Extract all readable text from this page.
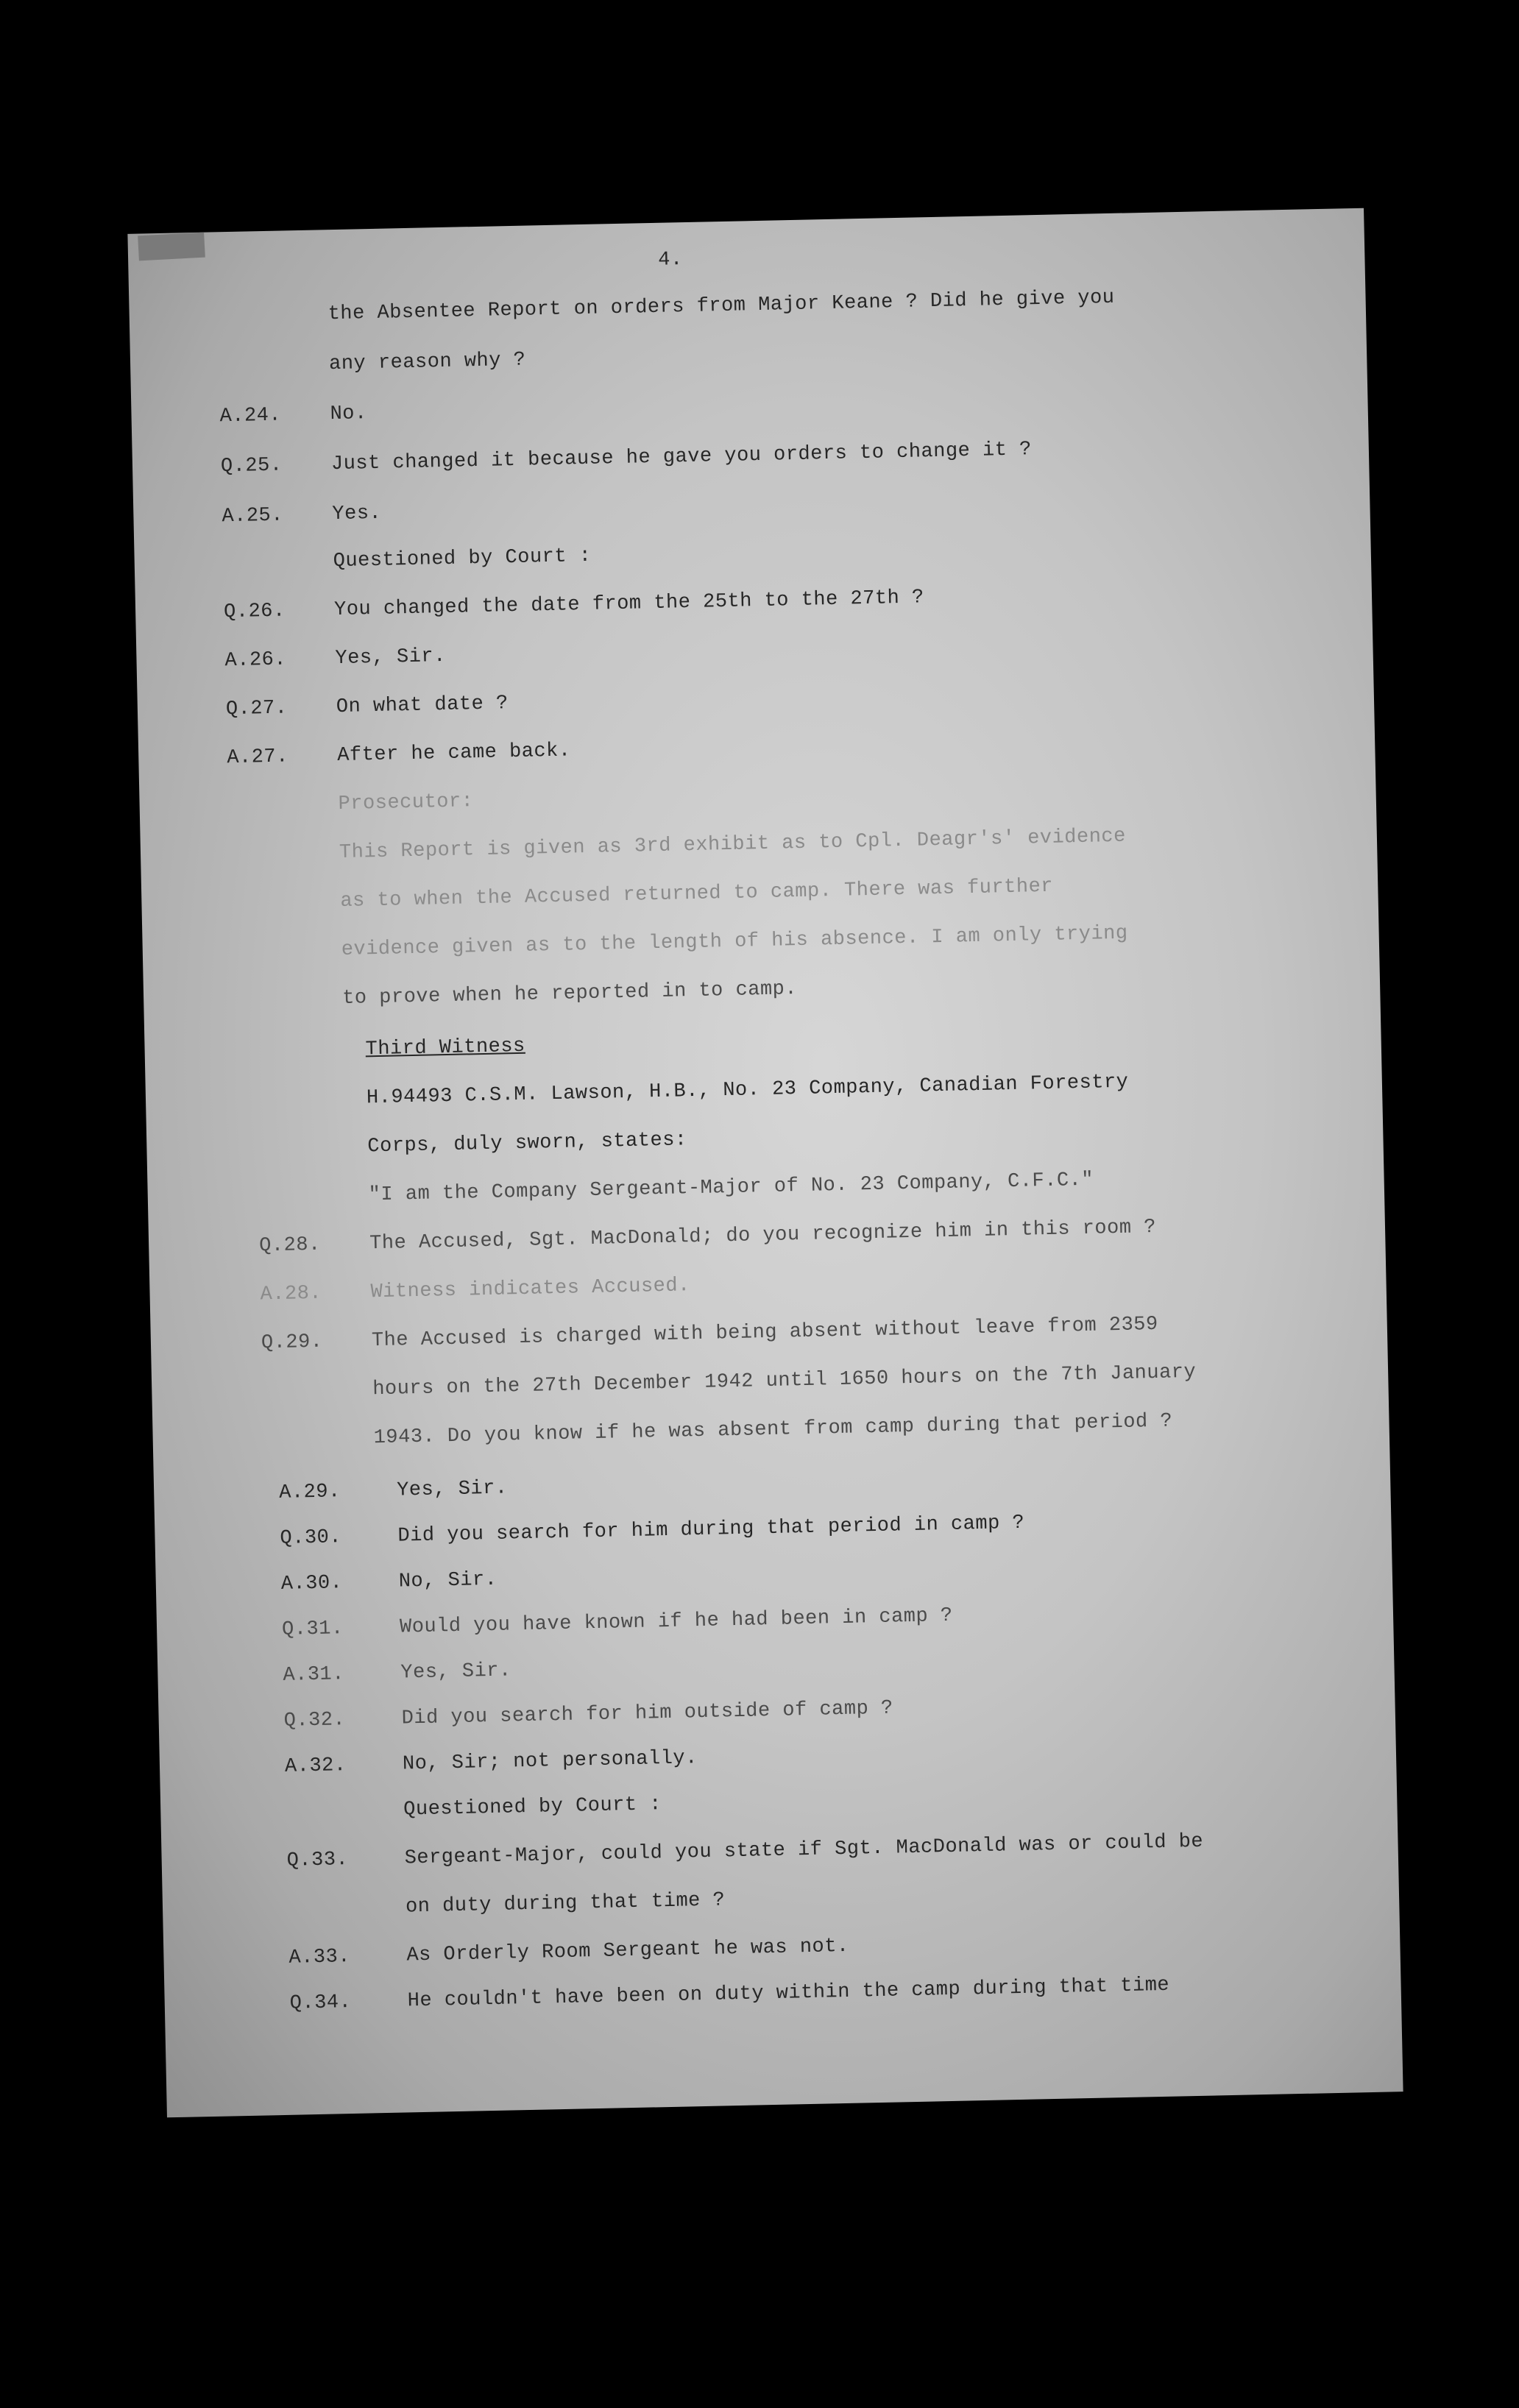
4.
the Absentee Report on orders from Major Keane ? Did he give you
any reason why ?
A.24.	No.
Q.25.	Just changed it because he gave you orders to change it ?
A.25.	Yes.
Questioned by Court :
Q.26.	You changed the date from the 25th to the 27th ?
A.26.	Yes, Sir.
Q.27.	On what date ?
A.27.	After he came back.
Prosecutor:
This Report is given as 3rd exhibit as to Cpl. Deagr's' evidence
as to when the Accused returned to camp. There was further
evidence given as to the length of his absence. I am only trying
to prove when he reported in to camp.
Third Witness
H.94493 C.S.M. Lawson, H.B., No. 23 Company, Canadian Forestry
Corps, duly sworn, states:
"I am the Company Sergeant-Major of No. 23 Company, C.F.C."
Q.28.	The Accused, Sgt. MacDonald; do you recognize him in this room ?
A.28.	Witness indicates Accused.
Q.29.	The Accused is charged with being absent without leave from 2359
hours on the 27th December 1942 until 1650 hours on the 7th January
1943. Do you know if he was absent from camp during that period ?
A.29.	Yes, Sir.
Q.30.	Did you search for him during that period in camp ?
A.30.	No, Sir.
Q.31.	Would you have known if he had been in camp ?
A.31.	Yes, Sir.
Q.32.	Did you search for him outside of camp ?
A.32.	No, Sir; not personally.
Questioned by Court :
Q.33.	Sergeant-Major, could you state if Sgt. MacDonald was or could be
on duty during that time ?
A.33.	As Orderly Room Sergeant he was not.
Q.34.	He couldn't have been on duty within the camp during that time
